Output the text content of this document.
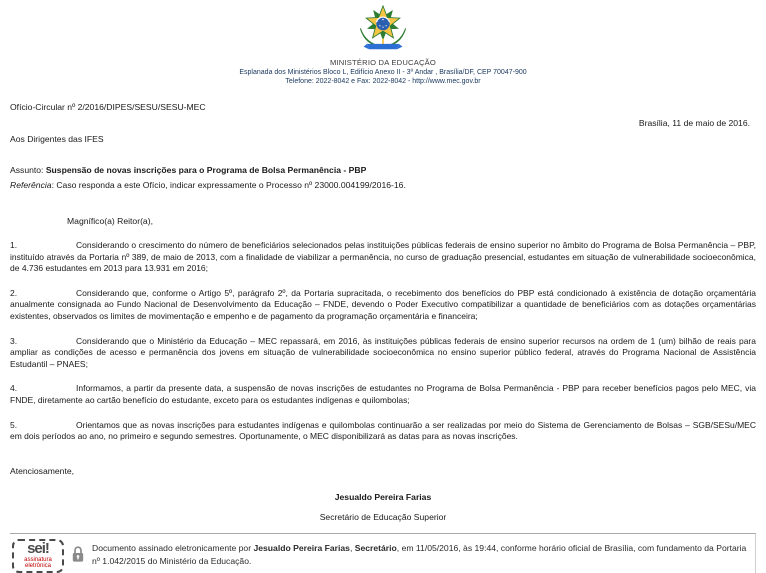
MINISTÉRIO DA EDUCAÇÃO
Esplanada dos Ministérios Bloco L, Edifício Anexo II - 3º Andar , Brasília/DF, CEP 70047-900
Telefone: 2022-8042 e Fax: 2022-8042 - http://www.mec.gov.br
Ofício-Circular nº 2/2016/DIPES/SESU/SESU-MEC
Brasília, 11 de maio de 2016.
Aos Dirigentes das IFES
Assunto: Suspensão de novas inscrições para o Programa de Bolsa Permanência - PBP
Referência: Caso responda a este Ofício, indicar expressamente o Processo nº 23000.004199/2016-16.
Magnífico(a) Reitor(a),
1.	Considerando o crescimento do número de beneficiários selecionados pelas instituições públicas federais de ensino superior no âmbito do Programa de Bolsa Permanência – PBP, instituído através da Portaria nº 389, de maio de 2013, com a finalidade de viabilizar a permanência, no curso de graduação presencial, estudantes em situação de vulnerabilidade socioeconômica, de 4.736 estudantes em 2013 para 13.931 em 2016;
2.	Considerando que, conforme o Artigo 5º, parágrafo 2º, da Portaria supracitada, o recebimento dos benefícios do PBP está condicionado à existência de dotação orçamentária anualmente consignada ao Fundo Nacional de Desenvolvimento da Educação – FNDE, devendo o Poder Executivo compatibilizar a quantidade de beneficiários com as dotações orçamentárias existentes, observados os limites de movimentação e empenho e de pagamento da programação orçamentária e financeira;
3.	Considerando que o Ministério da Educação – MEC repassará, em 2016, às instituições públicas federais de ensino superior recursos na ordem de 1 (um) bilhão de reais para ampliar as condições de acesso e permanência dos jovens em situação de vulnerabilidade socioeconômica no ensino superior público federal, através do Programa Nacional de Assistência Estudantil – PNAES;
4.	Informamos, a partir da presente data, a suspensão de novas inscrições de estudantes no Programa de Bolsa Permanência - PBP para receber benefícios pagos pelo MEC, via FNDE, diretamente ao cartão benefício do estudante, exceto para os estudantes indígenas e quilombolas;
5.	Orientamos que as novas inscrições para estudantes indígenas e quilombolas continuarão a ser realizadas por meio do Sistema de Gerenciamento de Bolsas – SGB/SESu/MEC em dois períodos ao ano, no primeiro e segundo semestres. Oportunamente, o MEC disponibilizará as datas para as novas inscrições.
Atenciosamente,
Jesualdo Pereira Farias
Secretário de Educação Superior
sei!
assinatura
eletrônica
Documento assinado eletronicamente por Jesualdo Pereira Farias, Secretário, em 11/05/2016, às 19:44, conforme horário oficial de Brasília, com fundamento da Portaria nº 1.042/2015 do Ministério da Educação.
